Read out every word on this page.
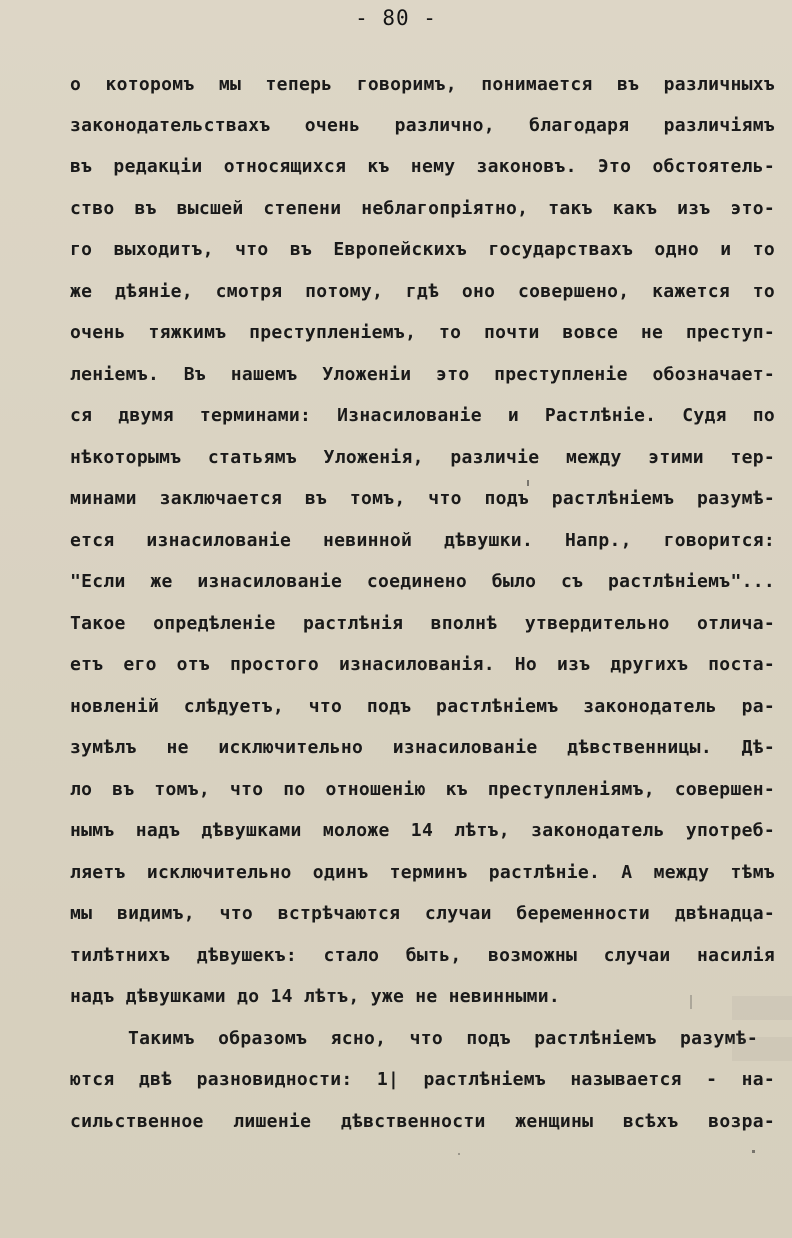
- 80 -
о которомъ мы теперь говоримъ, понимается въ различныхъ
законодательствахъ очень различно, благодаря различіямъ
въ редакціи относящихся къ нему законовъ. Это обстоятель-
ство въ высшей степени неблагопріятно, такъ какъ изъ это-
го выходитъ, что въ Европейскихъ государствахъ одно и то
же дѣяніе, смотря потому, гдѣ оно совершено, кажется то
очень тяжкимъ преступленіемъ, то почти вовсе не преступ-
леніемъ. Въ нашемъ Уложеніи это преступленіе обозначает-
ся двумя терминами: Изнасилованіе и Растлѣніе. Судя по
нѣкоторымъ статьямъ Уложенія, различіе между этими тер-
минами заключается въ томъ, что подъ растлѣніемъ разумѣ-
ется изнасилованіе невинной дѣвушки. Напр., говорится:
"Если же изнасилованіе соединено было съ растлѣніемъ"...
Такое опредѣленіе растлѣнія вполнѣ утвердительно отлича-
етъ его отъ простого изнасилованія. Но изъ другихъ поста-
новленій слѣдуетъ, что подъ растлѣніемъ законодатель ра-
зумѣлъ не исключительно изнасилованіе дѣвственницы. Дѣ-
ло въ томъ, что по отношенію къ преступленіямъ, совершен-
нымъ надъ дѣвушками моложе 14 лѣтъ, законодатель употреб-
ляетъ исключительно одинъ терминъ растлѣніе. А между тѣмъ
мы видимъ, что встрѣчаются случаи беременности двѣнадца-
тилѣтнихъ дѣвушекъ: стало быть, возможны случаи насилія
надъ дѣвушками до 14 лѣтъ, уже не невинными.
Такимъ образомъ ясно, что подъ растлѣніемъ разумѣ-
ются двѣ разновидности: 1| растлѣніемъ называется - на-
сильственное лишеніе дѣвственности женщины всѣхъ возра-
